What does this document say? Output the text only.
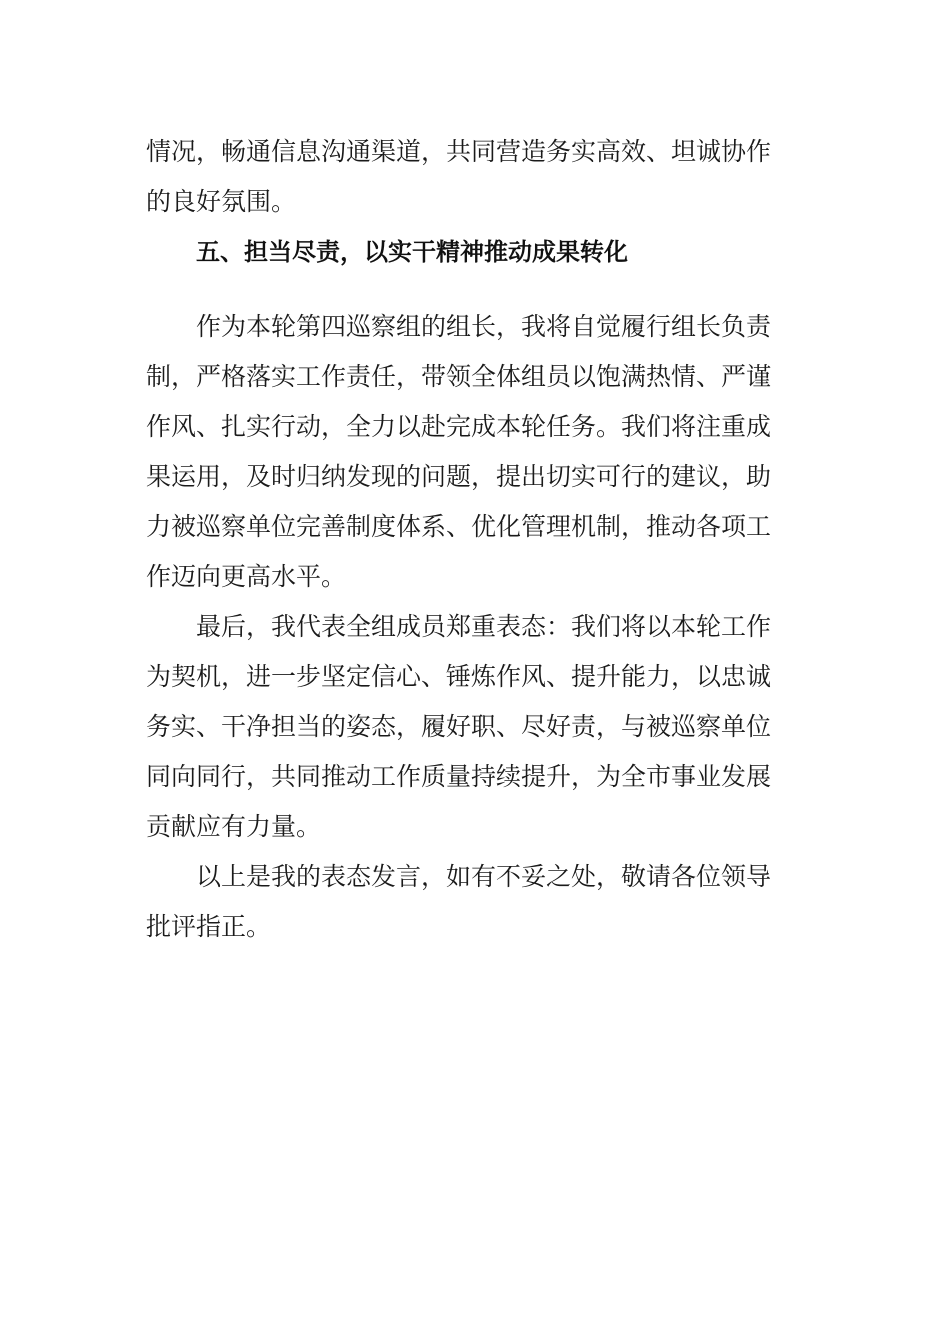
情况，畅通信息沟通渠道，共同营造务实高效、坦诚协作

的良好氛围。

五、担当尽责，以实干精神推动成果转化

作为本轮第四巡察组的组长，我将自觉履行组长负责

制，严格落实工作责任，带领全体组员以饱满热情、严谨

作风、扎实行动，全力以赴完成本轮任务。我们将注重成

果运用，及时归纳发现的问题，提出切实可行的建议，助

力被巡察单位完善制度体系、优化管理机制，推动各项工

作迈向更高水平。

最后，我代表全组成员郑重表态：我们将以本轮工作

为契机，进一步坚定信心、锤炼作风、提升能力，以忠诚

务实、干净担当的姿态，履好职、尽好责，与被巡察单位

同向同行，共同推动工作质量持续提升，为全市事业发展

贡献应有力量。

以上是我的表态发言，如有不妥之处，敬请各位领导

批评指正。
